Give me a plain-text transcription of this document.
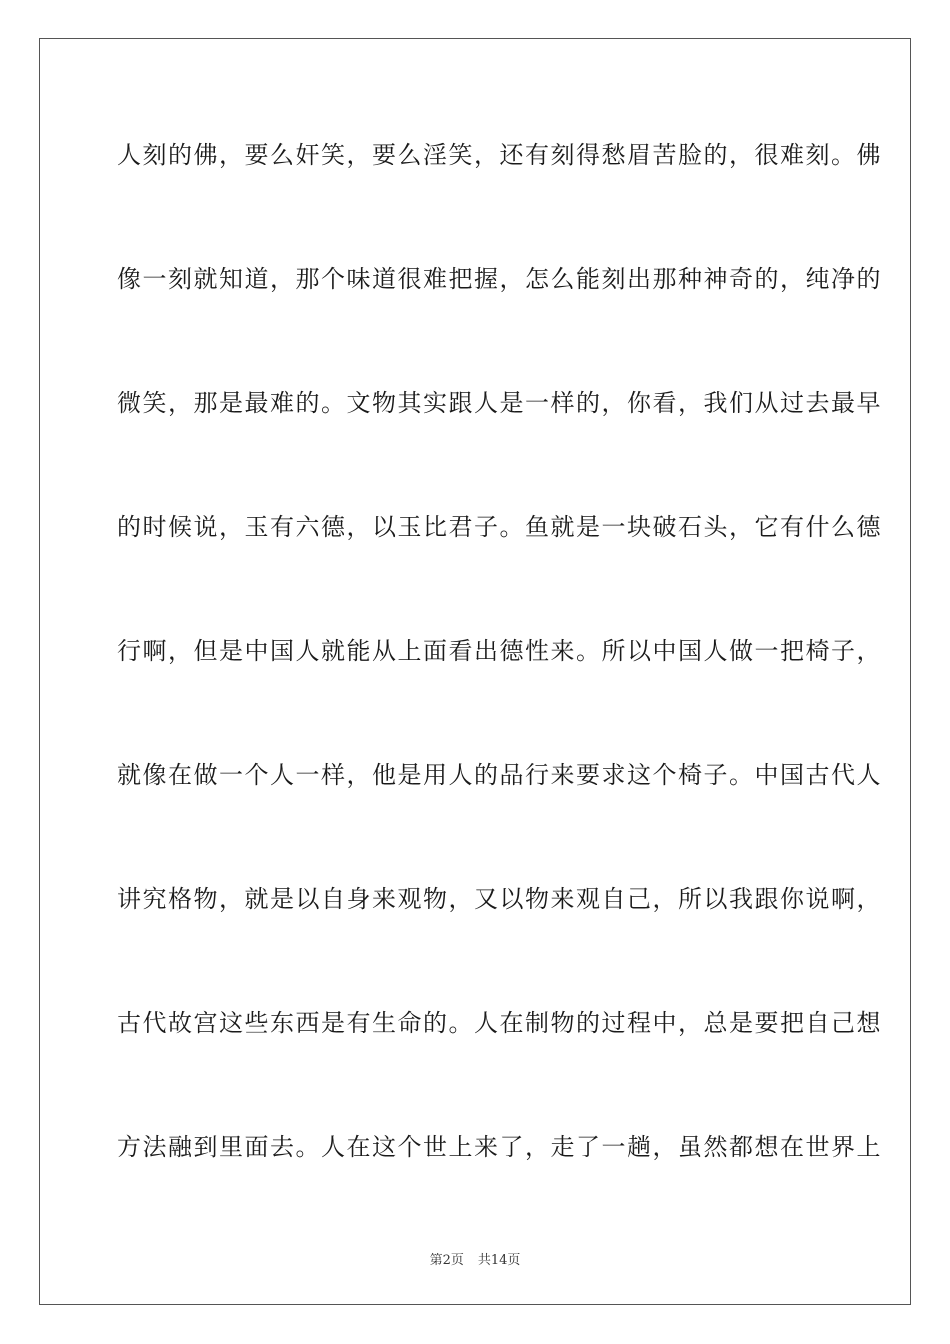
人刻的佛，要么奸笑，要么淫笑，还有刻得愁眉苦脸的，很难刻。佛
像一刻就知道，那个味道很难把握，怎么能刻出那种神奇的，纯净的
微笑，那是最难的。文物其实跟人是一样的，你看，我们从过去最早
的时候说，玉有六德，以玉比君子。鱼就是一块破石头，它有什么德
行啊，但是中国人就能从上面看出德性来。所以中国人做一把椅子，
就像在做一个人一样，他是用人的品行来要求这个椅子。中国古代人
讲究格物，就是以自身来观物，又以物来观自己，所以我跟你说啊，
古代故宫这些东西是有生命的。人在制物的过程中，总是要把自己想
方法融到里面去。人在这个世上来了，走了一趟，虽然都想在世界上
第2页 共14页
